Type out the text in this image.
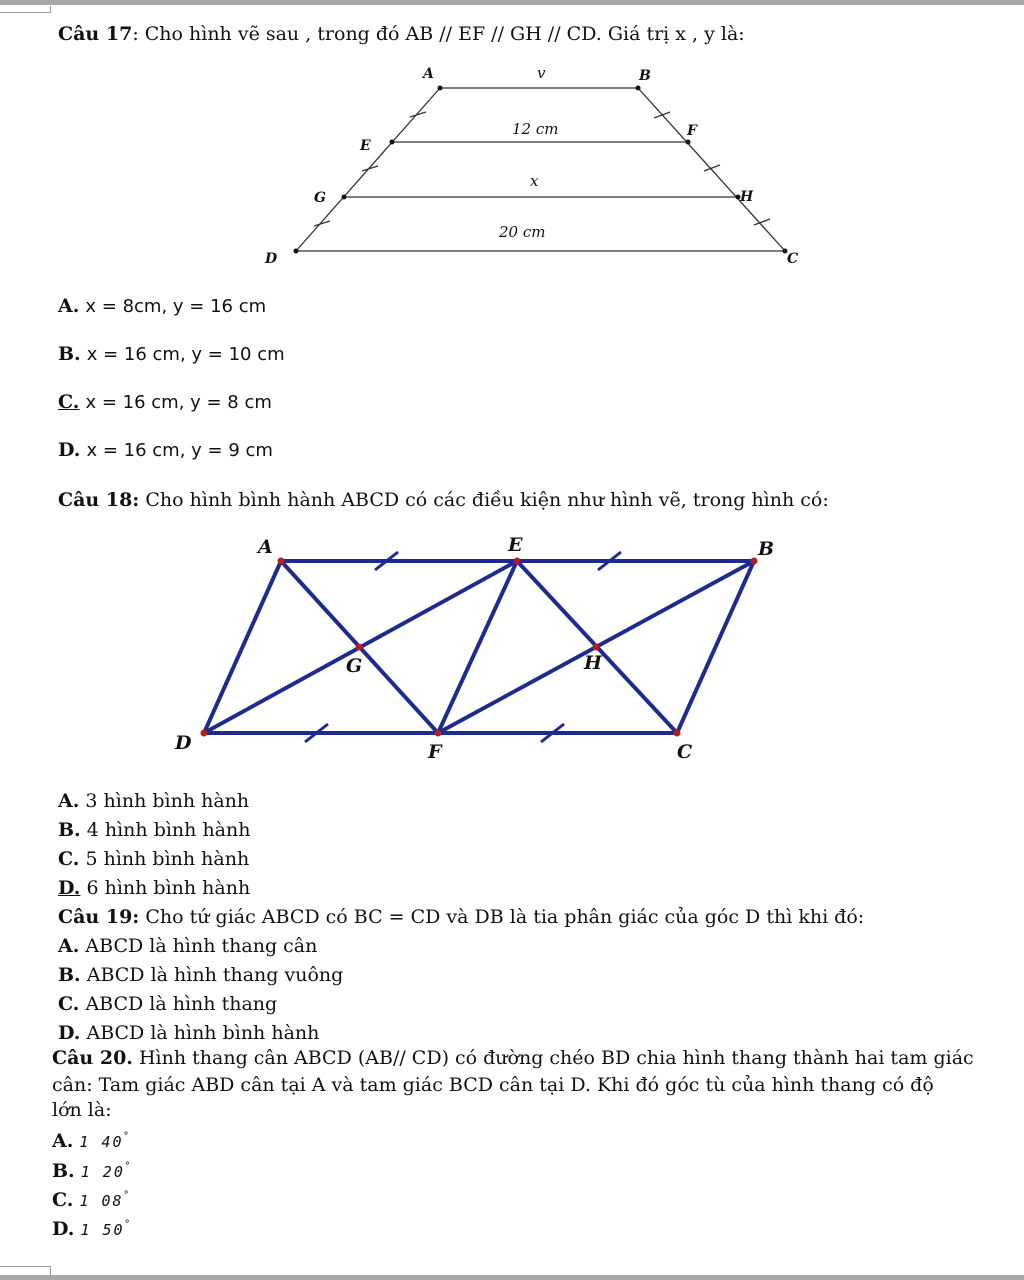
Câu 17: Cho hình vẽ sau , trong đó AB // EF // GH // CD. Giá trị x , y là:
A	B
v
E
F
12 cm
G	H
x
D	C
20 cm
A. x = 8cm, y = 16 cm
B. x = 16 cm, y = 10 cm
C. x = 16 cm, y = 8 cm
D. x = 16 cm, y = 9 cm
Câu 18: Cho hình bình hành ABCD có các điều kiện như hình vẽ, trong hình có:
A	E	B
G	H
D	F	C
A. 3 hình bình hành
B. 4 hình bình hành
C. 5 hình bình hành
D. 6 hình bình hành
Câu 19: Cho tứ giác ABCD có BC = CD và DB là tia phân giác của góc D thì khi đó:
A. ABCD là hình thang cân
B. ABCD là hình thang vuông
C. ABCD là hình thang
D. ABCD là hình bình hành
Câu 20. Hình thang cân ABCD (AB// CD) có đường chéo BD chia hình thang thành hai tam giác
cân: Tam giác ABD cân tại A và tam giác BCD cân tại D. Khi đó góc tù của hình thang có độ
lớn là:
A. 1 40°
B. 1 20°
C. 1 08°
D. 1 50°
